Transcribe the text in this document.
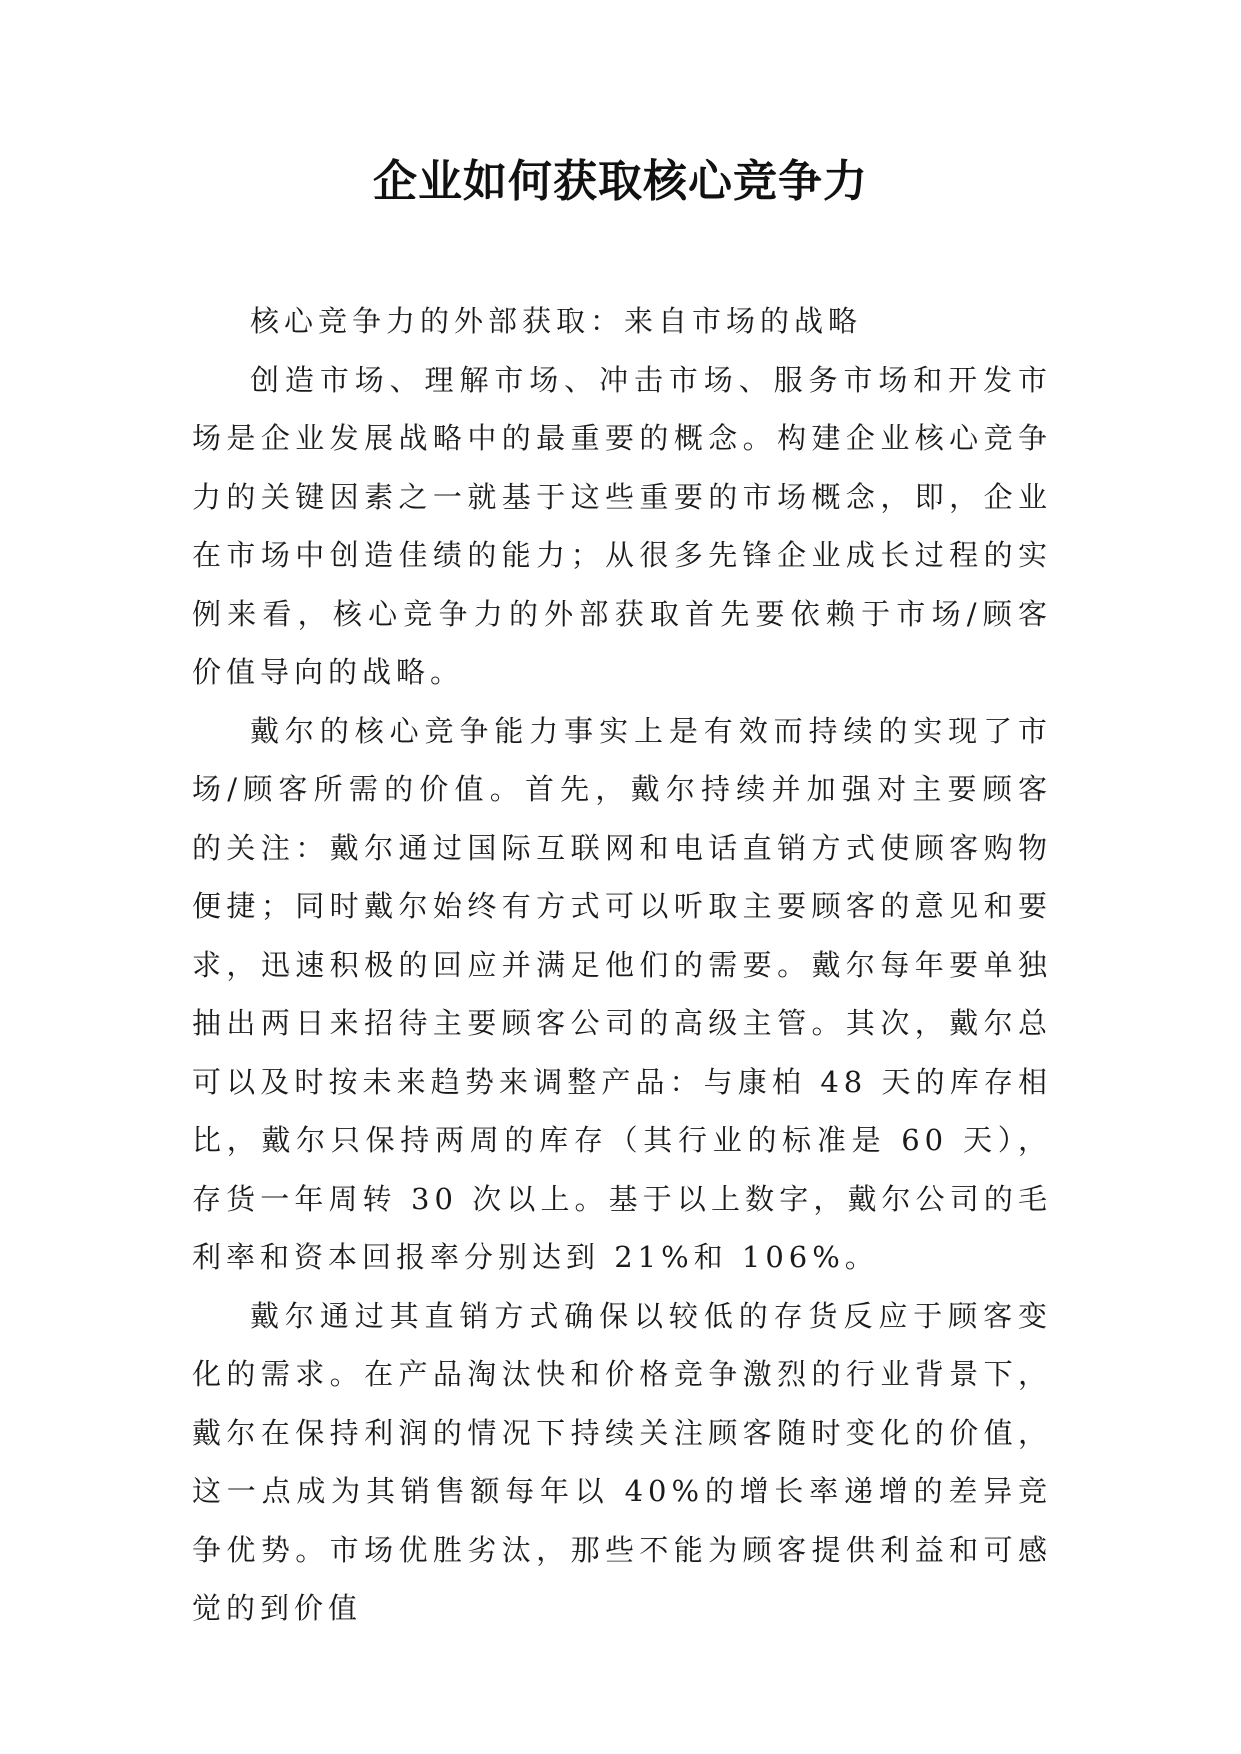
企业如何获取核心竞争力

核心竞争力的外部获取：来自市场的战略

创造市场、理解市场、冲击市场、服务市场和开发市场是企业发展战略中的最重要的概念。构建企业核心竞争力的关键因素之一就基于这些重要的市场概念，即，企业在市场中创造佳绩的能力；从很多先锋企业成长过程的实例来看，核心竞争力的外部获取首先要依赖于市场/顾客价值导向的战略。

戴尔的核心竞争能力事实上是有效而持续的实现了市场/顾客所需的价值。首先，戴尔持续并加强对主要顾客的关注：戴尔通过国际互联网和电话直销方式使顾客购物便捷；同时戴尔始终有方式可以听取主要顾客的意见和要求，迅速积极的回应并满足他们的需要。戴尔每年要单独抽出两日来招待主要顾客公司的高级主管。其次，戴尔总可以及时按未来趋势来调整产品：与康柏 48 天的库存相比，戴尔只保持两周的库存（其行业的标准是 60 天），存货一年周转 30 次以上。基于以上数字，戴尔公司的毛利率和资本回报率分别达到 21%和 106%。

戴尔通过其直销方式确保以较低的存货反应于顾客变化的需求。在产品淘汰快和价格竞争激烈的行业背景下，戴尔在保持利润的情况下持续关注顾客随时变化的价值，这一点成为其销售额每年以 40%的增长率递增的差异竞争优势。市场优胜劣汰，那些不能为顾客提供利益和可感觉的到价值
